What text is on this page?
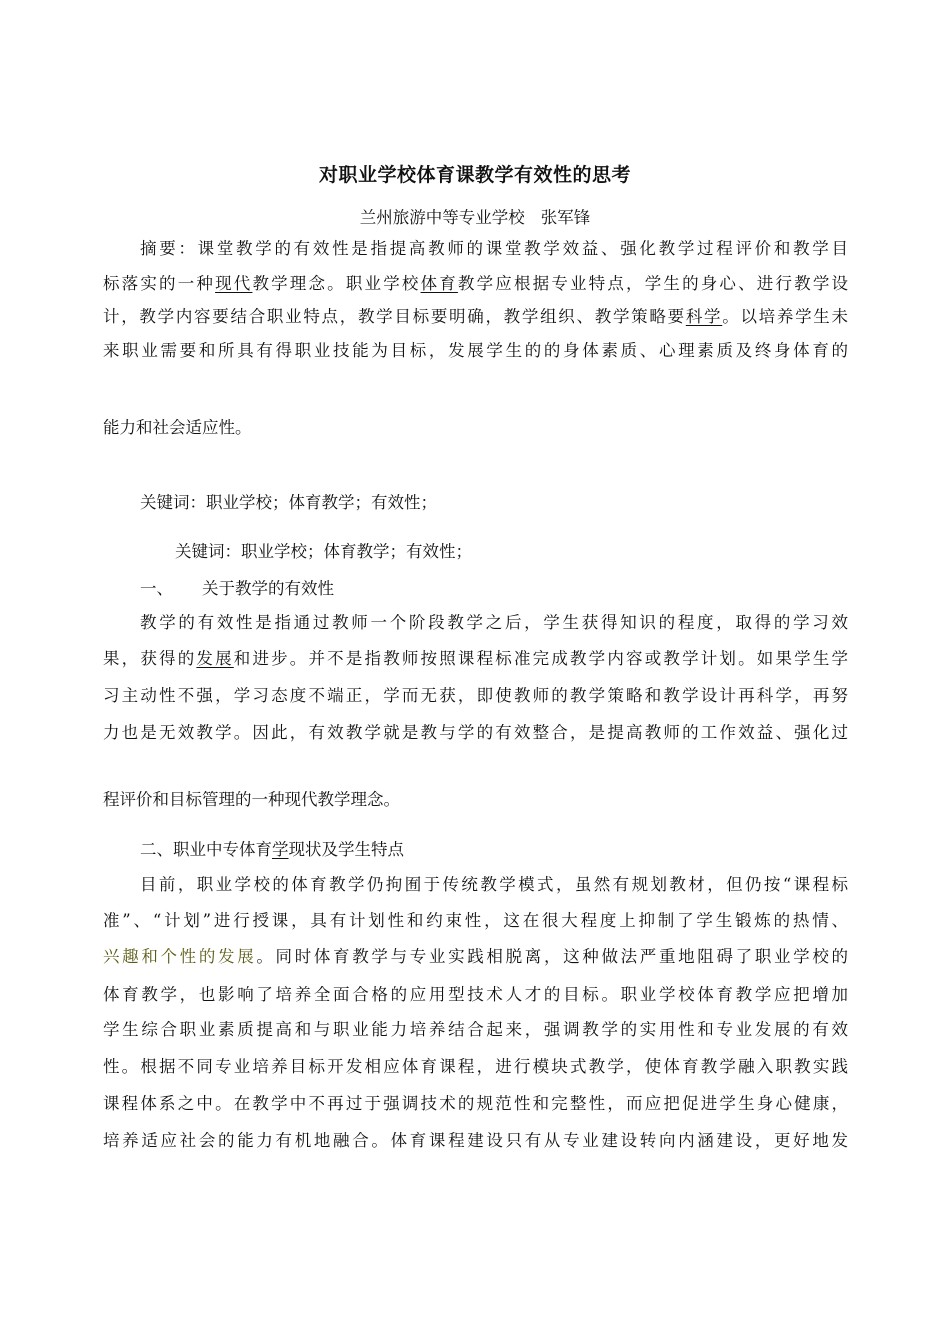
对职业学校体育课教学有效性的思考
兰州旅游中等专业学校 张军锋
摘要：课堂教学的有效性是指提高教师的课堂教学效益、强化教学过程评价和教学目
标落实的一种现代教学理念。职业学校体育教学应根据专业特点，学生的身心、进行教学设
计，教学内容要结合职业特点，教学目标要明确，教学组织、教学策略要科学。以培养学生未
来职业需要和所具有得职业技能为目标，发展学生的的身体素质、心理素质及终身体育的
能力和社会适应性。
关键词：职业学校；体育教学；有效性；
关键词：职业学校；体育教学；有效性；
一、 关于教学的有效性
教学的有效性是指通过教师一个阶段教学之后，学生获得知识的程度，取得的学习效
果，获得的发展和进步。并不是指教师按照课程标准完成教学内容或教学计划。如果学生学
习主动性不强，学习态度不端正，学而无获，即使教师的教学策略和教学设计再科学，再努
力也是无效教学。因此，有效教学就是教与学的有效整合，是提高教师的工作效益、强化过
程评价和目标管理的一种现代教学理念。
二、职业中专体育学现状及学生特点
目前，职业学校的体育教学仍拘囿于传统教学模式，虽然有规划教材，但仍按“课程标
准”、“计划”进行授课，具有计划性和约束性，这在很大程度上抑制了学生锻炼的热情、
兴趣和个性的发展。同时体育教学与专业实践相脱离，这种做法严重地阻碍了职业学校的
体育教学，也影响了培养全面合格的应用型技术人才的目标。职业学校体育教学应把增加
学生综合职业素质提高和与职业能力培养结合起来，强调教学的实用性和专业发展的有效
性。根据不同专业培养目标开发相应体育课程，进行模块式教学，使体育教学融入职教实践
课程体系之中。在教学中不再过于强调技术的规范性和完整性，而应把促进学生身心健康，
培养适应社会的能力有机地融合。体育课程建设只有从专业建设转向内涵建设，更好地发
